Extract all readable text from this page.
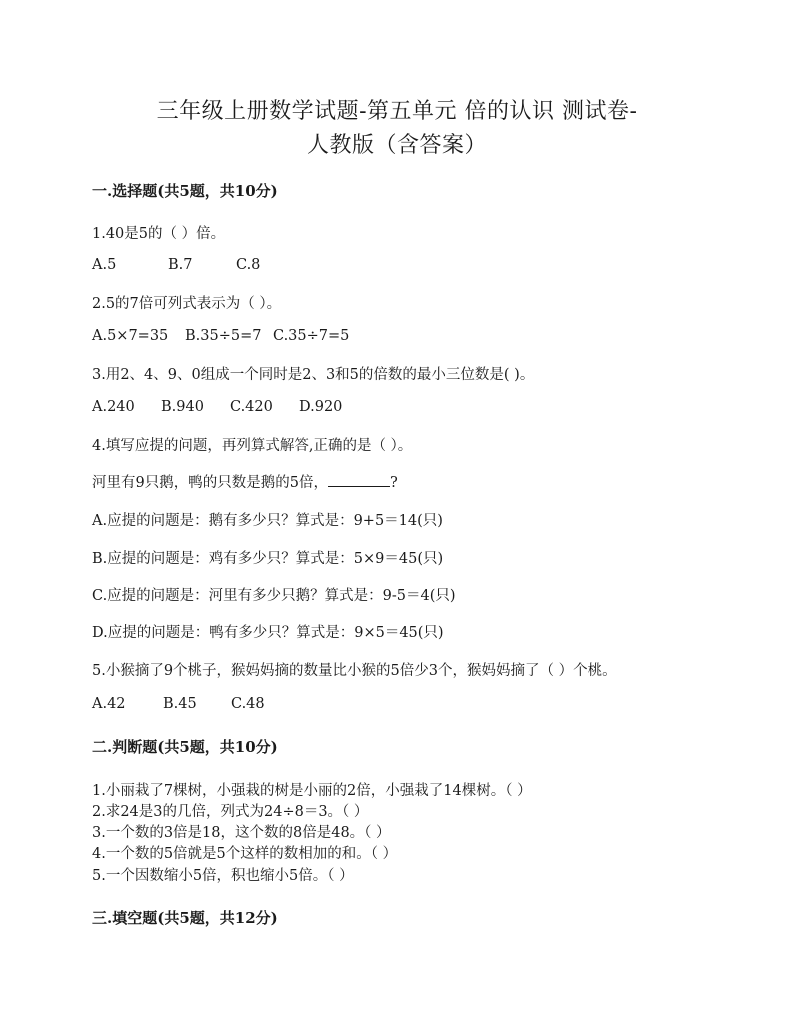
三年级上册数学试题-第五单元 倍的认识 测试卷-
人教版（含答案）
一.选择题(共5题，共10分)
1.40是5的（ ）倍。
A.5	B.7	C.8
2.5的7倍可列式表示为（ ）。
A.5×7=35 B.35÷5=7 C.35÷7=5
3.用2、4、9、0组成一个同时是2、3和5的倍数的最小三位数是( )。
A.240 B.940 C.420 D.920
4.填写应提的问题，再列算式解答,正确的是（ ）。
河里有9只鹅，鸭的只数是鹅的5倍，	?
A.应提的问题是：鹅有多少只？算式是：9+5＝14(只)
B.应提的问题是：鸡有多少只？算式是：5×9＝45(只)
C.应提的问题是：河里有多少只鹅？算式是：9-5＝4(只)
D.应提的问题是：鸭有多少只？算式是：9×5＝45(只)
5.小猴摘了9个桃子，猴妈妈摘的数量比小猴的5倍少3个，猴妈妈摘了（ ）个桃。
A.42	B.45 C.48
二.判断题(共5题，共10分)
1.小丽栽了7棵树，小强栽的树是小丽的2倍，小强栽了14棵树。（ ）
2.求24是3的几倍，列式为24÷8＝3。（ ）
3.一个数的3倍是18，这个数的8倍是48。（ ）
4.一个数的5倍就是5个这样的数相加的和。（ ）
5.一个因数缩小5倍，积也缩小5倍。（ ）
三.填空题(共5题，共12分)
